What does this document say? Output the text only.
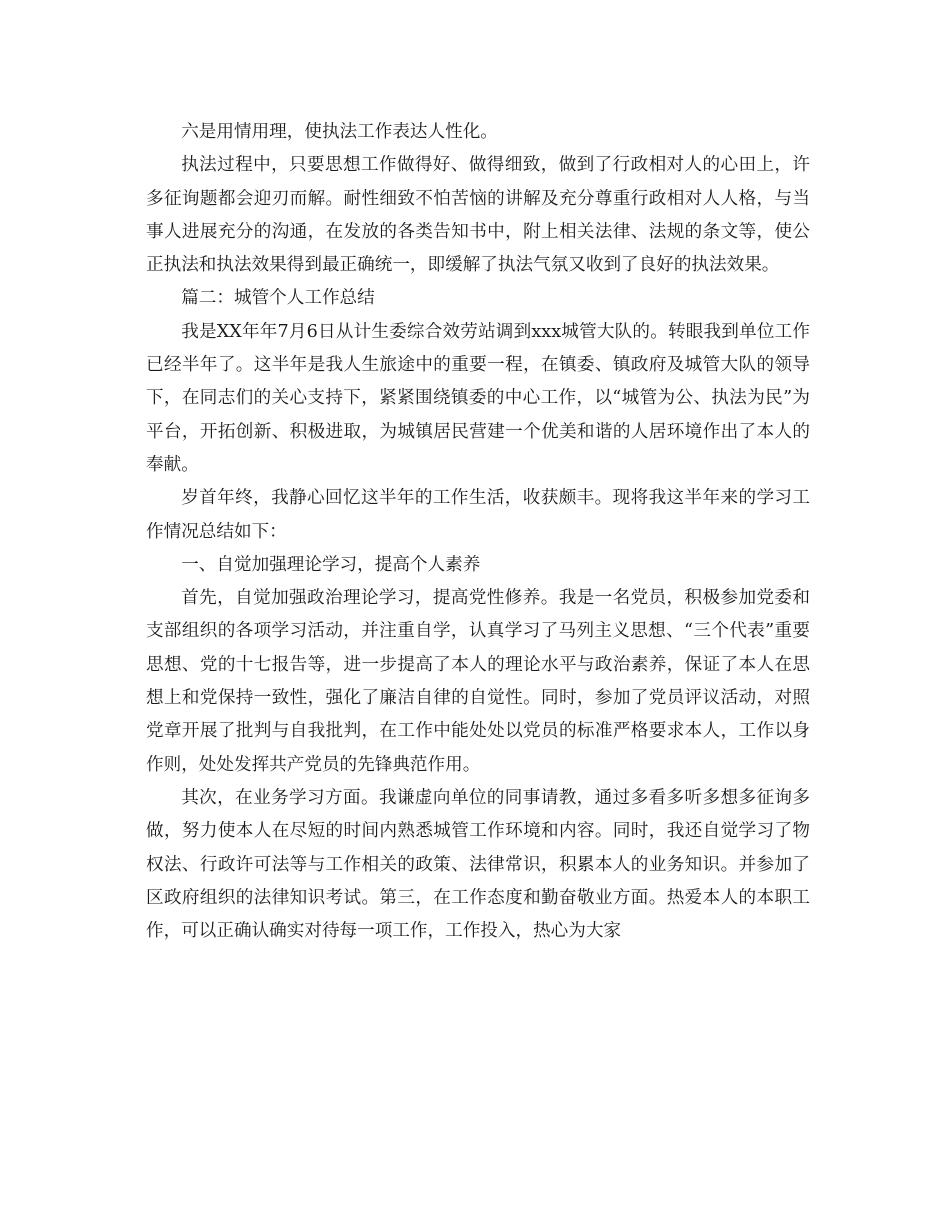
六是用情用理，使执法工作表达人性化。

执法过程中，只要思想工作做得好、做得细致，做到了行政相对人的心田上，许多征询题都会迎刃而解。耐性细致不怕苦恼的讲解及充分尊重行政相对人人格，与当事人进展充分的沟通，在发放的各类告知书中，附上相关法律、法规的条文等，使公正执法和执法效果得到最正确统一，即缓解了执法气氛又收到了良好的执法效果。

篇二：城管个人工作总结

我是XX年年7月6日从计生委综合效劳站调到xxx城管大队的。转眼我到单位工作已经半年了。这半年是我人生旅途中的重要一程，在镇委、镇政府及城管大队的领导下，在同志们的关心支持下，紧紧围绕镇委的中心工作，以“城管为公、执法为民”为平台，开拓创新、积极进取，为城镇居民营建一个优美和谐的人居环境作出了本人的奉献。

岁首年终，我静心回忆这半年的工作生活，收获颇丰。现将我这半年来的学习工作情况总结如下：

一、自觉加强理论学习，提高个人素养

首先，自觉加强政治理论学习，提高党性修养。我是一名党员，积极参加党委和支部组织的各项学习活动，并注重自学，认真学习了马列主义思想、“三个代表”重要思想、党的十七报告等，进一步提高了本人的理论水平与政治素养，保证了本人在思想上和党保持一致性，强化了廉洁自律的自觉性。同时，参加了党员评议活动，对照党章开展了批判与自我批判，在工作中能处处以党员的标准严格要求本人，工作以身作则，处处发挥共产党员的先锋典范作用。

其次，在业务学习方面。我谦虚向单位的同事请教，通过多看多听多想多征询多做，努力使本人在尽短的时间内熟悉城管工作环境和内容。同时，我还自觉学习了物权法、行政许可法等与工作相关的政策、法律常识，积累本人的业务知识。并参加了区政府组织的法律知识考试。第三，在工作态度和勤奋敬业方面。热爱本人的本职工作，可以正确认确实对待每一项工作，工作投入，热心为大家
